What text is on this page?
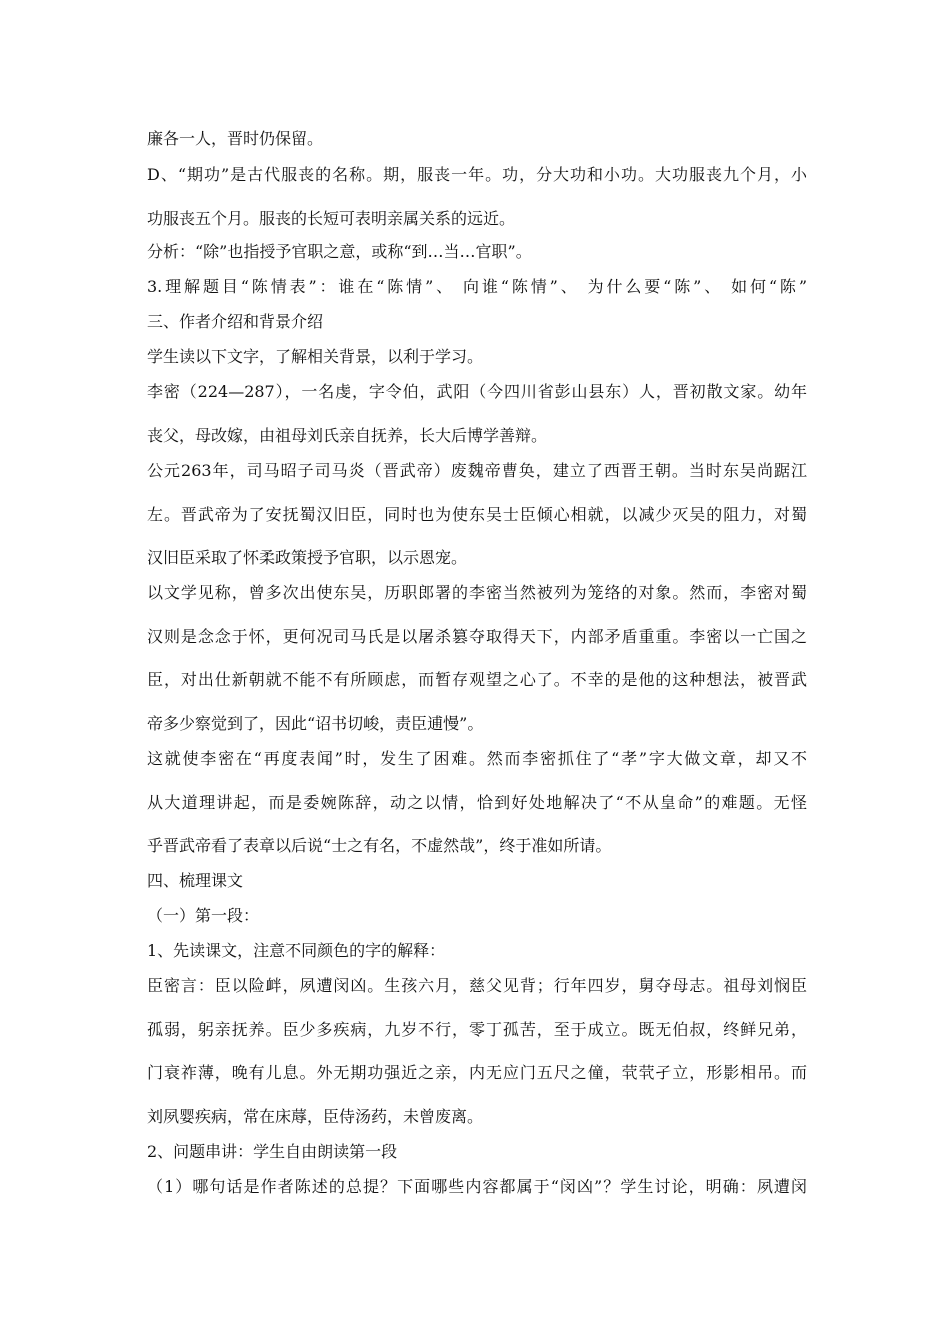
廉各一人，晋时仍保留。

D、“期功”是古代服丧的名称。期，服丧一年。功，分大功和小功。大功服丧九个月，小

功服丧五个月。服丧的长短可表明亲属关系的远近。

分析：“除”也指授予官职之意，或称“到…当…官职”。

3.理解题目“陈情表”：谁在“陈情”、 向谁“陈情”、 为什么要“陈”、 如何“陈”

三、作者介绍和背景介绍

学生读以下文字，了解相关背景，以利于学习。

李密（224—287），一名虔，字令伯，武阳（今四川省彭山县东）人，晋初散文家。幼年

丧父，母改嫁，由祖母刘氏亲自抚养，长大后博学善辩。

公元263年，司马昭子司马炎（晋武帝）废魏帝曹奂，建立了西晋王朝。当时东吴尚踞江

左。晋武帝为了安抚蜀汉旧臣，同时也为使东吴士臣倾心相就，以减少灭吴的阻力，对蜀

汉旧臣采取了怀柔政策授予官职，以示恩宠。

以文学见称，曾多次出使东吴，历职郎署的李密当然被列为笼络的对象。然而，李密对蜀

汉则是念念于怀，更何况司马氏是以屠杀篡夺取得天下，内部矛盾重重。李密以一亡国之

臣，对出仕新朝就不能不有所顾虑，而暂存观望之心了。不幸的是他的这种想法，被晋武

帝多少察觉到了，因此“诏书切峻，责臣逋慢”。

这就使李密在“再度表闻”时，发生了困难。然而李密抓住了“孝”字大做文章，却又不

从大道理讲起，而是委婉陈辞，动之以情，恰到好处地解决了“不从皇命”的难题。无怪

乎晋武帝看了表章以后说“士之有名，不虚然哉”，终于准如所请。

四、梳理课文

（一）第一段：

1、先读课文，注意不同颜色的字的解释：

臣密言：臣以险衅，夙遭闵凶。生孩六月，慈父见背；行年四岁，舅夺母志。祖母刘悯臣

孤弱，躬亲抚养。臣少多疾病，九岁不行，零丁孤苦，至于成立。既无伯叔，终鲜兄弟，

门衰祚薄，晚有儿息。外无期功强近之亲，内无应门五尺之僮，茕茕孑立，形影相吊。而

刘夙婴疾病，常在床蓐，臣侍汤药，未曾废离。

2、问题串讲：学生自由朗读第一段

（1）哪句话是作者陈述的总提？下面哪些内容都属于“闵凶”？学生讨论，明确：夙遭闵
